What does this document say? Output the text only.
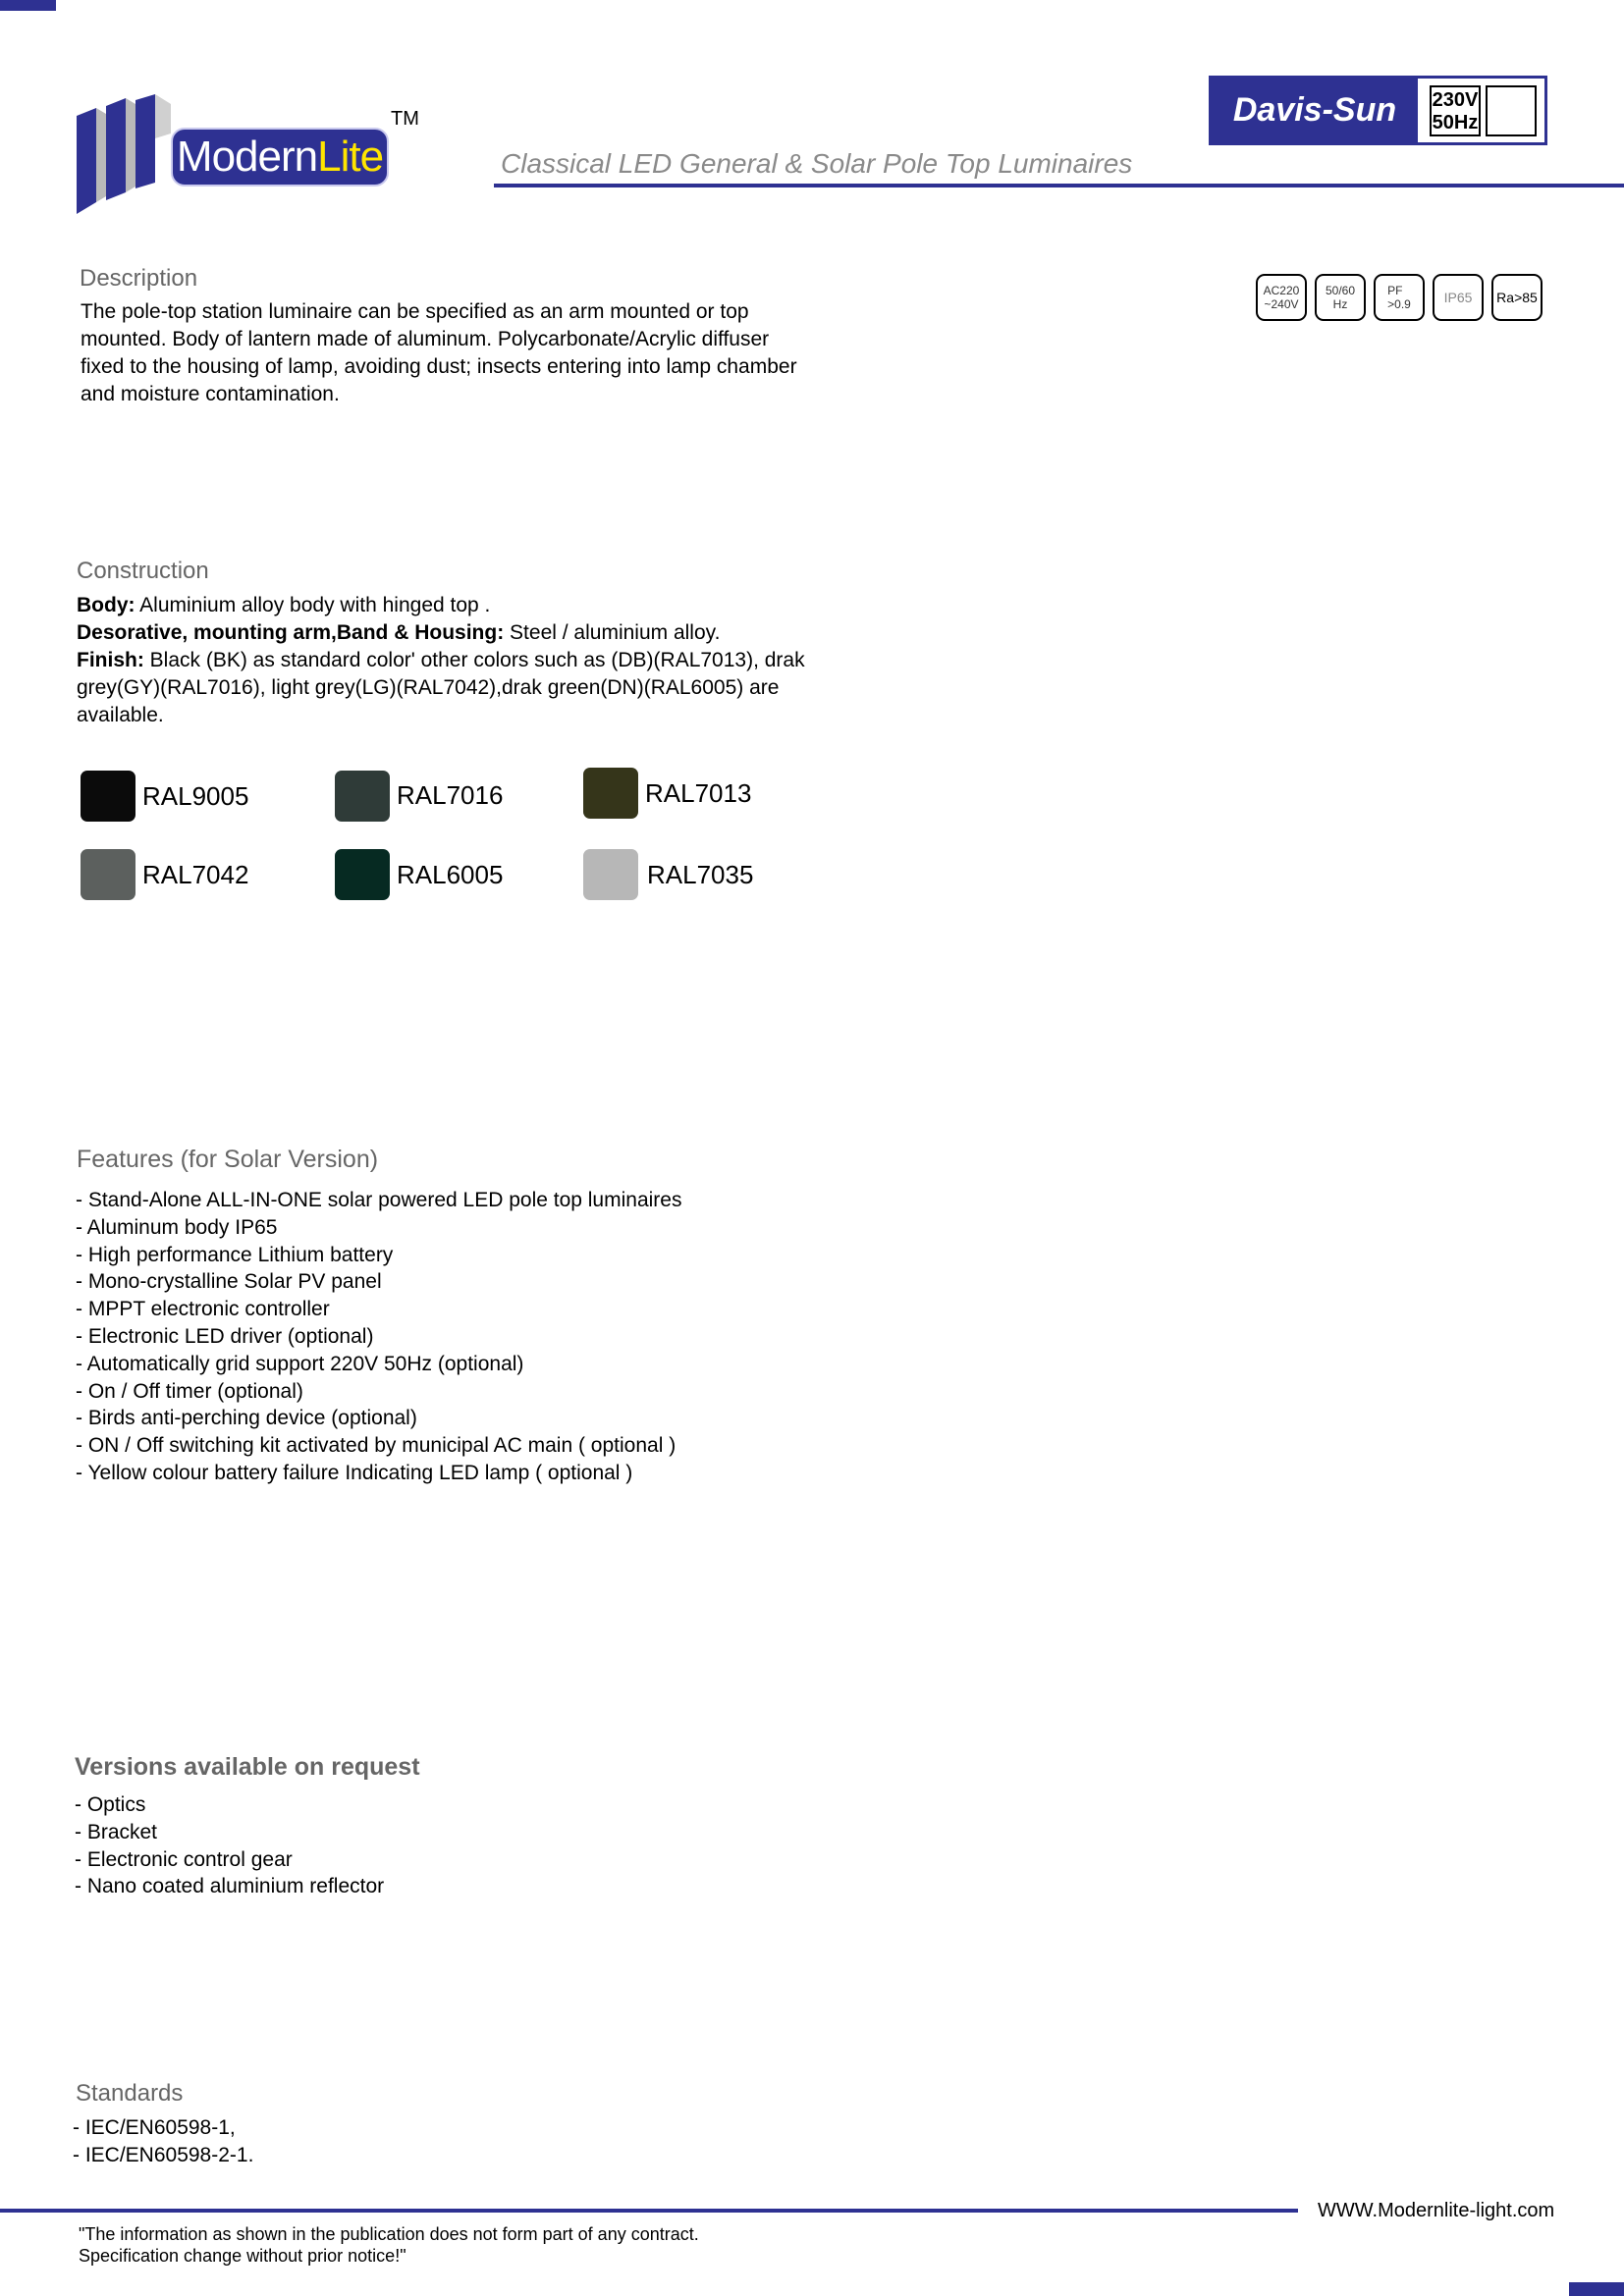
Modern Lite
TM	Davis-Sun	230V
50Hz
Classical LED General & Solar Pole Top Luminaires
AC220
~240V
50/60
Hz
PF
>0.9 IP65 Ra>85
Description
The pole-top station luminaire can be specified as an arm mounted or top mounted. Body of lantern made of aluminum. Polycarbonate/Acrylic diffuser fixed to the housing of lamp, avoiding dust; insects entering into lamp chamber and moisture contamination.
Construction
Body: Aluminium alloy body with hinged top .
Desorative, mounting arm,Band & Housing: Steel / aluminium alloy.
Finish: Black (BK) as standard color' other colors such as (DB)(RAL7013), drak grey(GY)(RAL7016), light grey(LG)(RAL7042),drak green(DN)(RAL6005) are available.
RAL9005	RAL7016	RAL7013
RAL7042	RAL6005	RAL7035
Features (for Solar Version)
- Stand-Alone ALL-IN-ONE solar powered LED pole top luminaires
- Aluminum body IP65
- High performance Lithium battery
- Mono-crystalline Solar PV panel
- MPPT electronic controller
- Electronic LED driver (optional)
- Automatically grid support 220V 50Hz (optional)
- On / Off timer (optional)
- Birds anti-perching device (optional)
- ON / Off switching kit activated by municipal AC main ( optional )
- Yellow colour battery failure Indicating LED lamp ( optional )
Versions available on request
- Optics
- Bracket
- Electronic control gear
- Nano coated aluminium reflector
Standards
- IEC/EN60598-1,
- IEC/EN60598-2-1.
WWW.Modernlite-light.com
"The information as shown in the publication does not form part of any contract.
Specification change without prior notice!"
